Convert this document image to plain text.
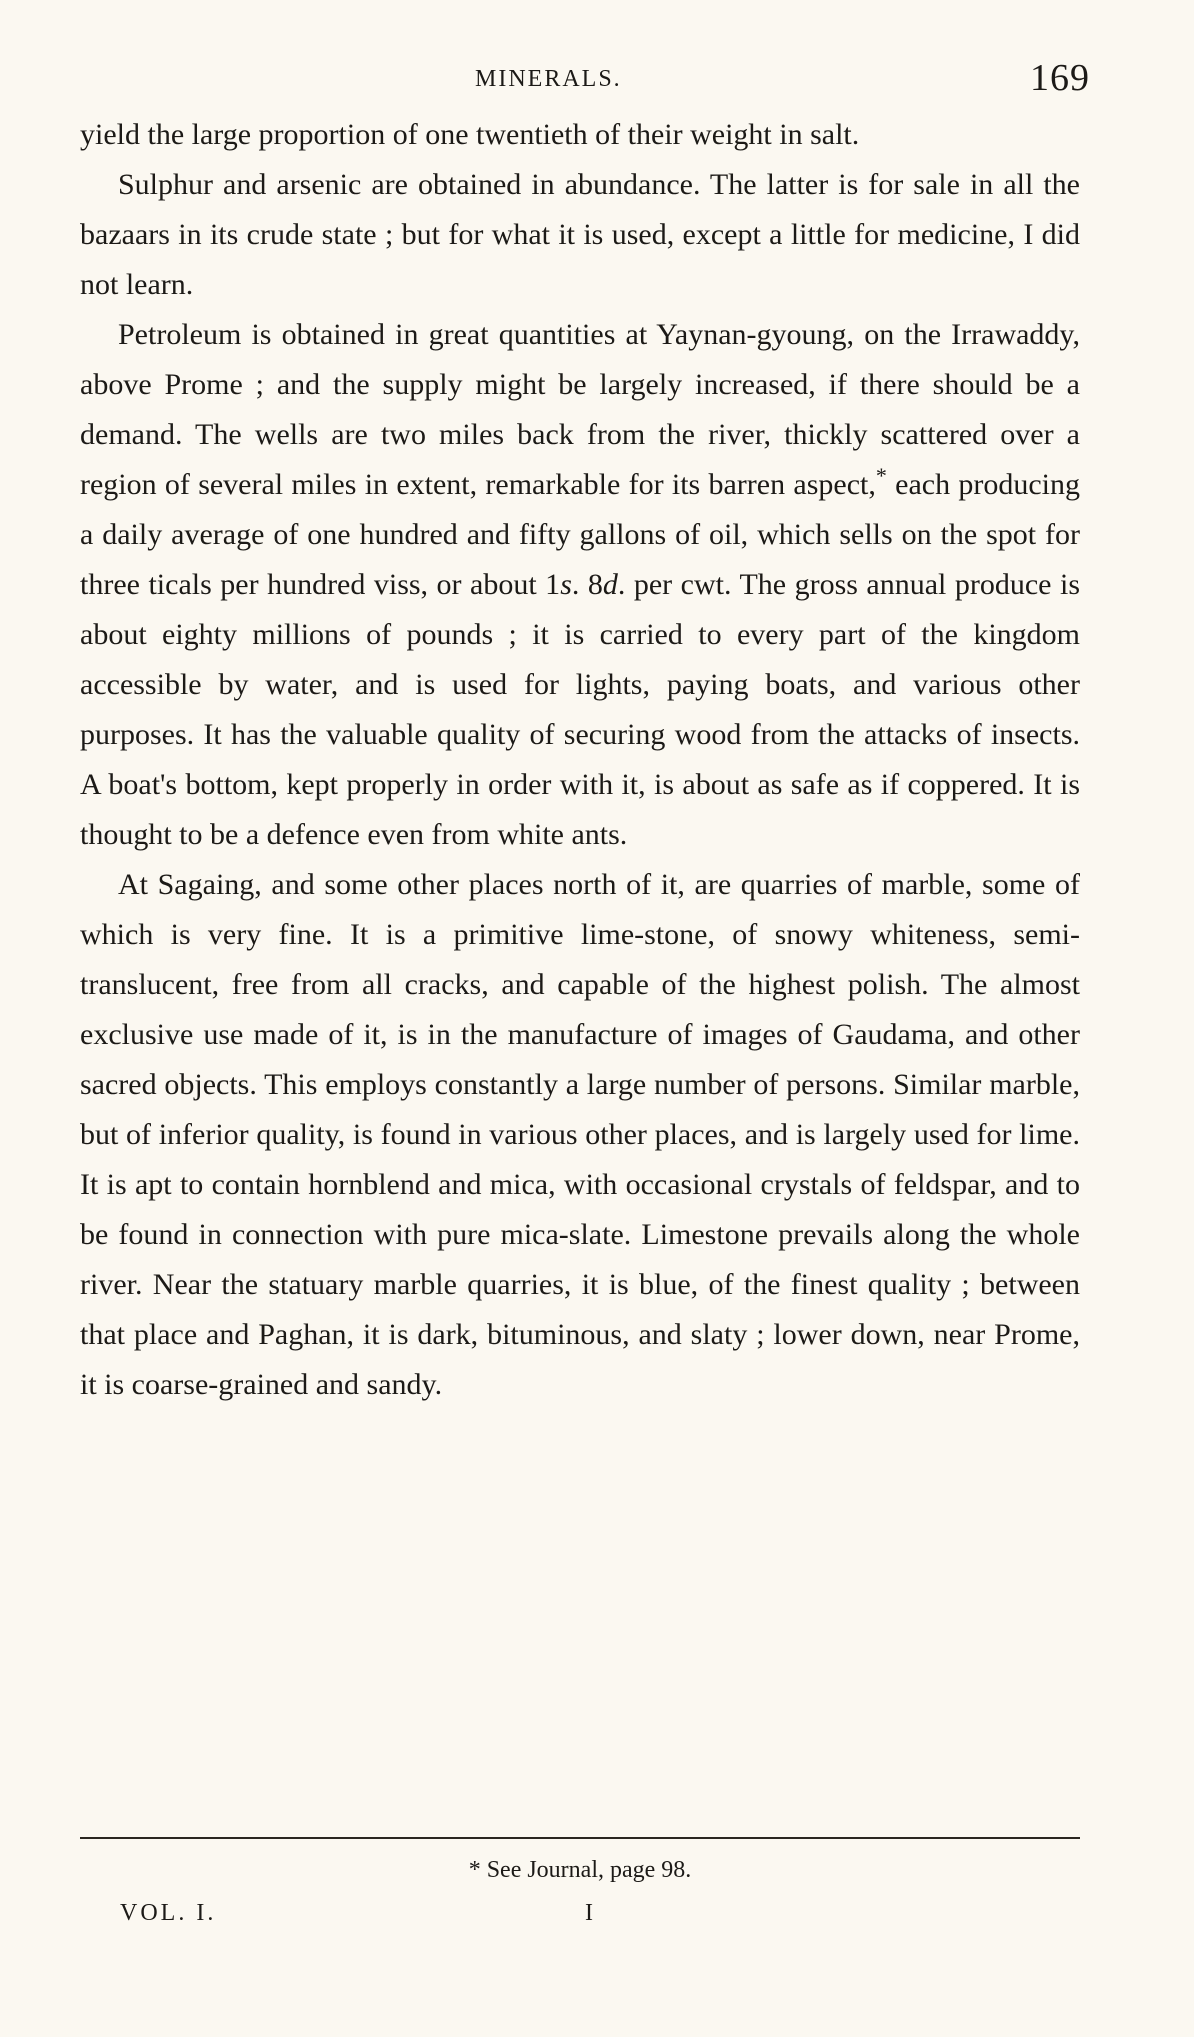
MINERALS.	169

yield the large proportion of one twentieth of their weight in salt.

Sulphur and arsenic are obtained in abundance. The latter is for sale in all the bazaars in its crude state ; but for what it is used, except a little for medicine, I did not learn.

Petroleum is obtained in great quantities at Yaynan-gyoung, on the Irrawaddy, above Prome ; and the supply might be largely increased, if there should be a demand. The wells are two miles back from the river, thickly scattered over a region of several miles in extent, remarkable for its barren aspect,* each producing a daily average of one hundred and fifty gallons of oil, which sells on the spot for three ticals per hundred viss, or about 1s. 8d. per cwt. The gross annual produce is about eighty millions of pounds ; it is carried to every part of the kingdom accessible by water, and is used for lights, paying boats, and various other purposes. It has the valuable quality of securing wood from the attacks of insects. A boat's bottom, kept properly in order with it, is about as safe as if coppered. It is thought to be a defence even from white ants.

At Sagaing, and some other places north of it, are quarries of marble, some of which is very fine. It is a primitive lime-stone, of snowy whiteness, semi-translucent, free from all cracks, and capable of the highest polish. The almost exclusive use made of it, is in the manufacture of images of Gaudama, and other sacred objects. This employs constantly a large number of persons. Similar marble, but of inferior quality, is found in various other places, and is largely used for lime. It is apt to contain hornblend and mica, with occasional crystals of feldspar, and to be found in connection with pure mica-slate. Limestone prevails along the whole river. Near the statuary marble quarries, it is blue, of the finest quality ; between that place and Paghan, it is dark, bituminous, and slaty ; lower down, near Prome, it is coarse-grained and sandy.

* See Journal, page 98.
VOL. I.	I
